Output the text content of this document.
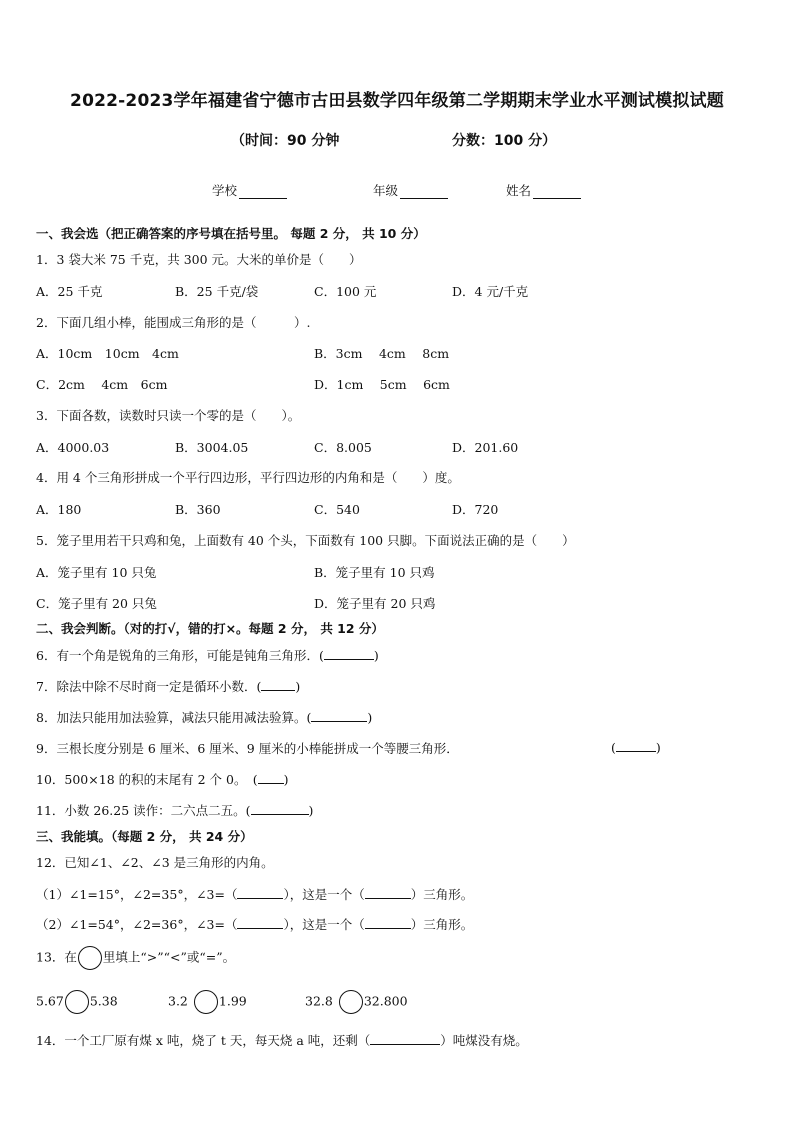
2022-2023学年福建省宁德市古田县数学四年级第二学期期末学业水平测试模拟试题
（时间：90 分钟	分数：100 分）
学校	年级	姓名
一、我会选（把正确答案的序号填在括号里。 每题 2 分， 共 10 分）
1．3 袋大米 75 千克，共 300 元。大米的单价是（　　）
A．25 千克	B．25 千克/袋	C．100 元	D．4 元/千克
2．下面几组小棒，能围成三角形的是（　　　）.
A．10cm　10cm　4cm	B．3cm　 4cm　 8cm
C．2cm　 4cm　6cm	D．1cm　 5cm　 6cm
3．下面各数，读数时只读一个零的是（　　）。
A．4000.03	B．3004.05	C．8.005	D．201.60
4．用 4 个三角形拼成一个平行四边形，平行四边形的内角和是（　　）度。
A．180	B．360	C．540	D．720
5．笼子里用若干只鸡和兔，上面数有 40 个头，下面数有 100 只脚。下面说法正确的是（　　）
A．笼子里有 10 只兔	B．笼子里有 10 只鸡
C．笼子里有 20 只兔	D．笼子里有 20 只鸡
二、我会判断。（对的打√，错的打×。每题 2 分， 共 12 分）
6．有一个角是锐角的三角形，可能是钝角三角形．(	)
7．除法中除不尽时商一定是循环小数．(	)
8．加法只能用加法验算，减法只能用减法验算。(	)
9．三根长度分别是 6 厘米、6 厘米、9 厘米的小棒能拼成一个等腰三角形．	(	)
10．500×18 的积的末尾有 2 个 0。　( )
11．小数 26.25 读作：二六点二五。(	)
三、我能填。（每题 2 分， 共 24 分）
12．已知∠1、∠2、∠3 是三角形的内角。
（1）∠1=15°，∠2=35°，∠3=（	），这是一个（	）三角形。
（2）∠1=54°，∠2=36°，∠3=（	），这是一个（	）三角形。
13．在 里填上“>”“<”或“=”。
5.67 5.38	3.2 1.99	32.8 32.800
14．一个工厂原有煤 x 吨，烧了 t 天，每天烧 a 吨，还剩（	）吨煤没有烧。
